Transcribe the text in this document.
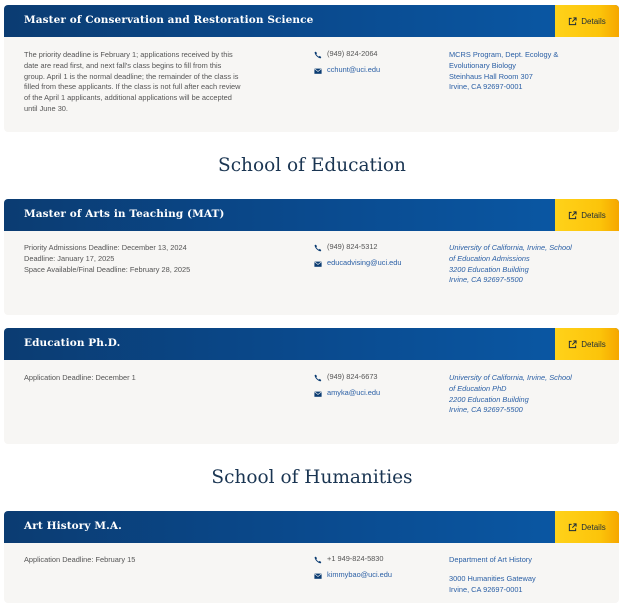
Master of Conservation and Restoration Science	Details
The priority deadline is February 1; applications received by this
date are read first, and next fall's class begins to fill from this
group. April 1 is the normal deadline; the remainder of the class is
filled from these applicants. If the class is not full after each review
of the April 1 applicants, additional applications will be accepted
until June 30.
(949) 824-2064
cchunt@uci.edu
MCRS Program, Dept. Ecology &
Evolutionary Biology
Steinhaus Hall Room 307
Irvine, CA 92697-0001
School of Education
Master of Arts in Teaching (MAT)	Details
Priority Admissions Deadline: December 13, 2024
Deadline: January 17, 2025
Space Available/Final Deadline: February 28, 2025
(949) 824-5312
educadvising@uci.edu
University of California, Irvine, School
of Education Admissions
3200 Education Building
Irvine, CA 92697-5500
Education Ph.D.	Details
Application Deadline: December 1	(949) 824-6673
amyka@uci.edu
University of California, Irvine, School
of Education PhD
2200 Education Building
Irvine, CA 92697-5500
School of Humanities
Art History M.A.	Details
Application Deadline: February 15	+1 949-824-5830
kimmybao@uci.edu
Department of Art History
3000 Humanities Gateway
Irvine, CA 92697-0001
